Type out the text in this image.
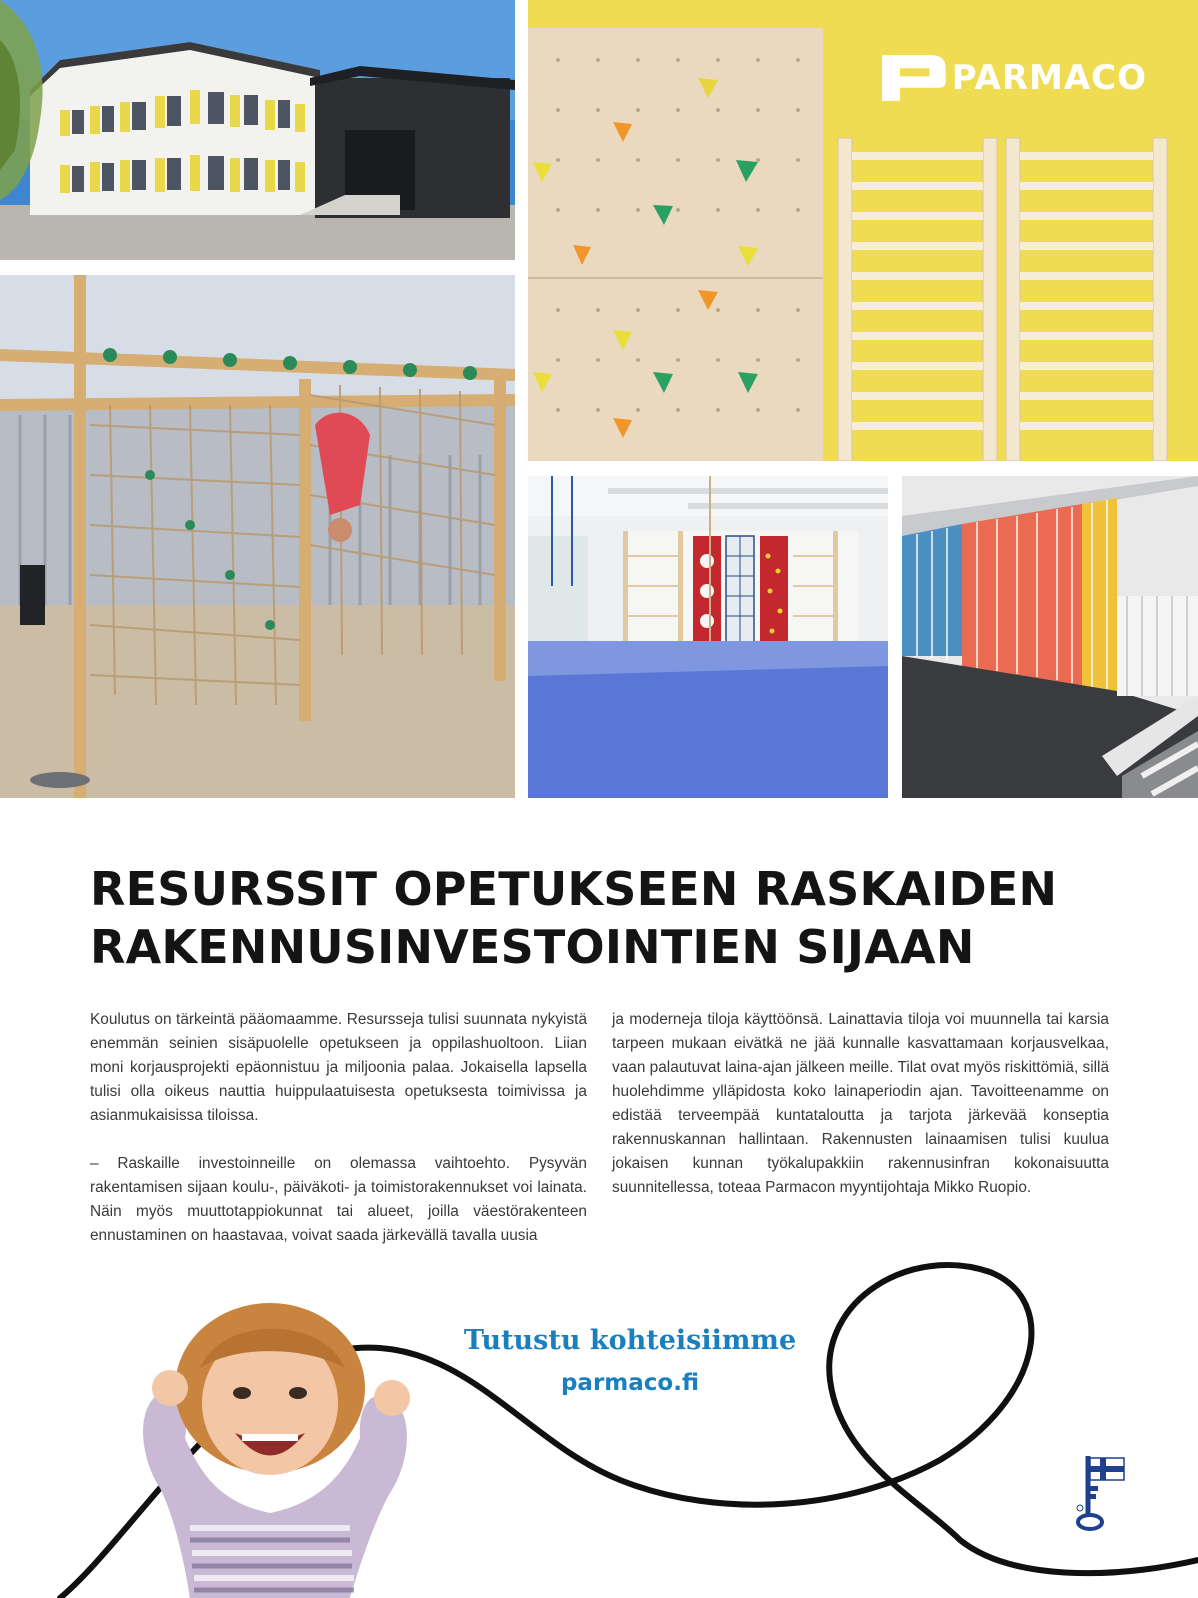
PARMACO
RESURSSIT OPETUKSEEN RASKAIDEN
RAKENNUSINVESTOINTIEN SIJAAN

Koulutus on tärkeintä pääomaamme. Resursseja tulisi suunnata nykyistä enemmän seinien sisäpuolelle opetukseen ja oppilashuoltoon. Liian moni korjausprojekti epäonnistuu ja miljoonia palaa. Jokaisella lapsella tulisi olla oikeus nauttia huippulaatuisesta opetuksesta toimivissa ja asianmukaisissa tiloissa.

– Raskaille investoinneille on olemassa vaihtoehto. Pysyvän rakentamisen sijaan koulu-, päiväkoti- ja toimistorakennukset voi lainata. Näin myös muuttotappiokunnat tai alueet, joilla väestörakenteen ennustaminen on haastavaa, voivat saada järkevällä tavalla uusia

ja moderneja tiloja käyttöönsä. Lainattavia tiloja voi muunnella tai karsia tarpeen mukaan eivätkä ne jää kunnalle kasvattamaan korjausvelkaa, vaan palautuvat laina-ajan jälkeen meille. Tilat ovat myös riskittömiä, sillä huolehdimme ylläpidosta koko lainaperiodin ajan. Tavoitteenamme on edistää terveempää kuntataloutta ja tarjota järkevää konseptia rakennuskannan hallintaan. Rakennusten lainaamisen tulisi kuulua jokaisen kunnan työkalupakkiin rakennusinfran kokonaisuutta suunnitellessa, toteaa Parmacon myyntijohtaja Mikko Ruopio.

Tutustu kohteisiimme
parmaco.fi
